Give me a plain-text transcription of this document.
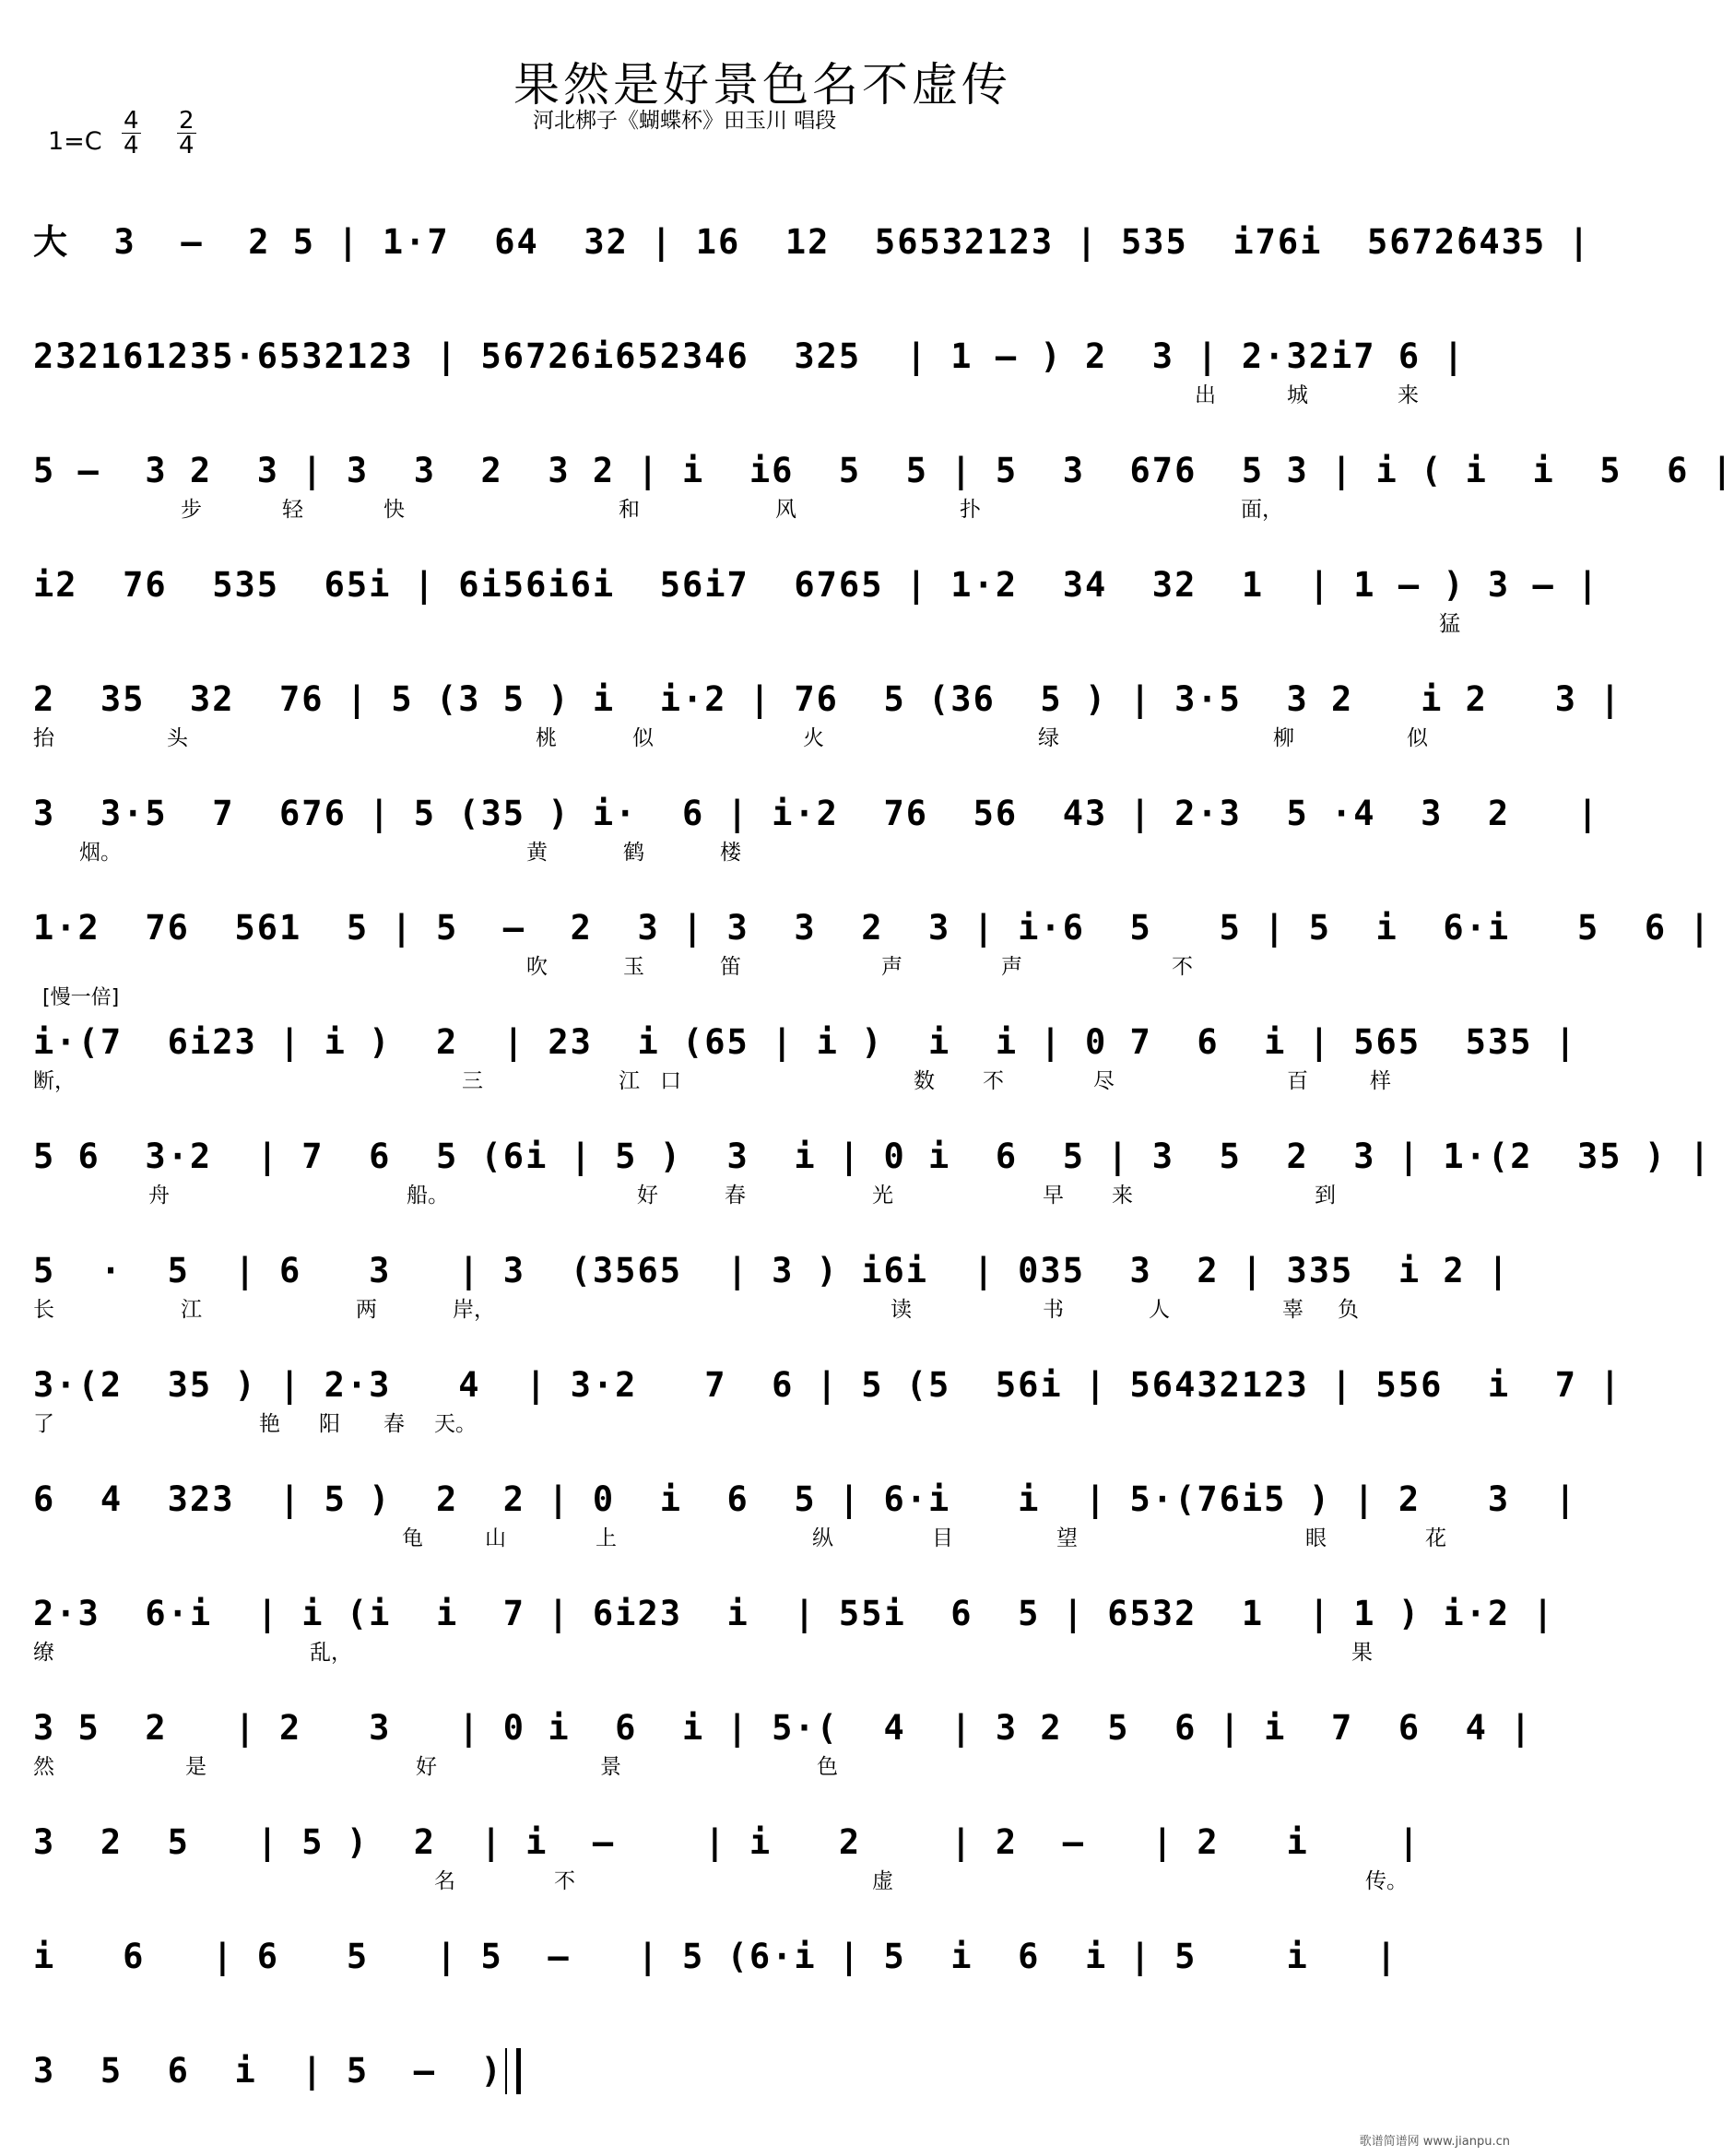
果然是好景色名不虚传
河北梆子《蝴蝶杯》田玉川 唱段
$1=C \frac{4}{4} \frac{2}{4}$
[慢一倍]
大  3  –  2 5 | 1·7  64  32 | 16  12  56532123 | 535  i76i  5672̇6435 |
232161235·6532123 | 56726i652346  325  | 1 – ) 2  3 | 2·32i7 6 |
出	城	来
5 –  3 2  3 | 3  3  2  3 2 | i  i6  5  5 | 5  3  676  5 3 | i ( i  i  5  6 |
步	轻	快	和	风	扑	面，
i2  76  535  65i | 6i56i6i  56i7  6765 | 1·2  34  32  1  | 1 – ) 3 – |
猛
2  35  32  76 | 5 (3 5 ) i  i·2 | 76  5 (36  5 ) | 3·5  3 2   i 2   3 |
抬	头	桃	似	火	绿	柳	似
3  3·5  7  676 | 5 (35 ) i·  6 | i·2  76  56  43 | 2·3  5 ·4  3  2   |
烟。	黄	鹤	楼
1·2  76  561  5 | 5  –  2  3 | 3  3  2  3 | i·6  5   5 | 5  i  6·i   5  6 |
吹	玉	笛	声	声	不
i·(7  6i23 | i )  2  | 23  i (65 | i )  i  i | 0 7  6  i | 565  535 |
断，	三	江 口	数 不	尽	百	样
5 6  3·2  | 7  6  5 (6i | 5 )  3  i | 0 i  6  5 | 3  5  2  3 | 1·(2  35 ) |
舟	船。	好	春	光	早 来	到
5  ·  5  | 6   3   | 3  (3565  | 3 ) i6i  | 035  3  2 | 335  i 2 |
长	江	两	岸，	读	书	人	辜 负
3·(2  35 ) | 2·3   4  | 3·2   7  6 | 5 (5  56i | 56432123 | 556  i  7 |
了	艳 阳 春 天。
6  4  323  | 5 )  2  2 | 0  i  6  5 | 6·i   i  | 5·(76i5 ) | 2   3  |
龟	山	上	纵	目	望	眼	花
2·3  6·i  | i (i  i  7 | 6i23  i  | 55i  6  5 | 6532  1  | 1 ) i·2 |
缭	乱，	果
3 5  2   | 2   3   | 0 i  6  i | 5·(  4  | 3 2  5  6 | i  7  6  4 |
然	是	好	景	色
3  2  5   | 5 )  2  | i  –    | i   2    | 2  –   | 2   i    |
名	不	虚	传。
i   6   | 6   5   | 5  –   | 5 (6·i | 5  i  6  i | 5    i   |
3  5  6  i  | 5  –  )
歌谱简谱网 www.jianpu.cn
